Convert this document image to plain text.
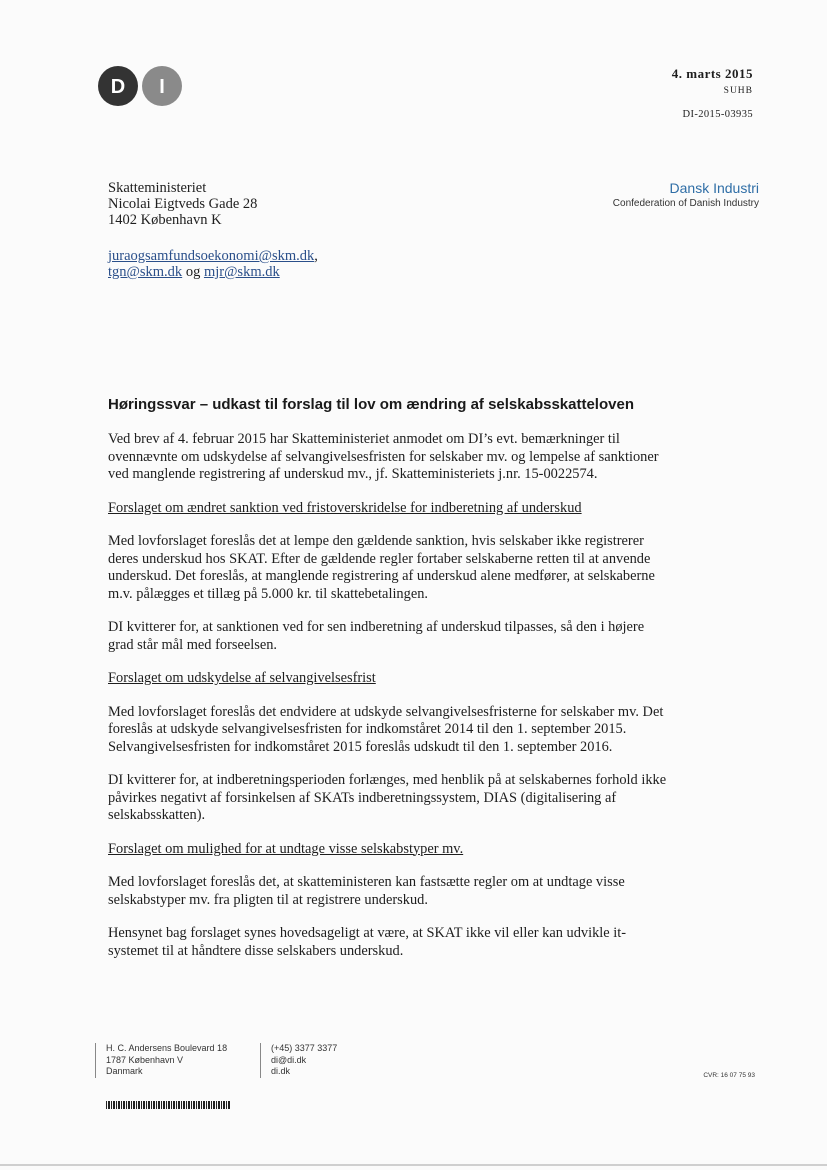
D I
4. marts 2015
SUHB
DI-2015-03935
Skatteministeriet
Nicolai Eigtveds Gade 28
1402 København K
juraogsamfundsoekonomi@skm.dk,
tgn@skm.dk og mjr@skm.dk
Dansk Industri
Confederation of Danish Industry
Høringssvar – udkast til forslag til lov om ændring af selskabsskatteloven

Ved brev af 4. februar 2015 har Skatteministeriet anmodet om DI’s evt. bemærkninger til ovennævnte om udskydelse af selvangivelsesfristen for selskaber mv. og lempelse af sanktioner ved manglende registrering af underskud mv., jf. Skatteministeriets j.nr. 15-0022574.

Forslaget om ændret sanktion ved fristoverskridelse for indberetning af underskud

Med lovforslaget foreslås det at lempe den gældende sanktion, hvis selskaber ikke registrerer deres underskud hos SKAT. Efter de gældende regler fortaber selskaberne retten til at anvende underskud. Det foreslås, at manglende registrering af underskud alene medfører, at selskaberne m.v. pålægges et tillæg på 5.000 kr. til skattebetalingen.

DI kvitterer for, at sanktionen ved for sen indberetning af underskud tilpasses, så den i højere grad står mål med forseelsen.

Forslaget om udskydelse af selvangivelsesfrist

Med lovforslaget foreslås det endvidere at udskyde selvangivelsesfristerne for selskaber mv. Det foreslås at udskyde selvangivelsesfristen for indkomståret 2014 til den 1. september 2015. Selvangivelsesfristen for indkomståret 2015 foreslås udskudt til den 1. september 2016.

DI kvitterer for, at indberetningsperioden forlænges, med henblik på at selskabernes forhold ikke påvirkes negativt af forsinkelsen af SKATs indberetningssystem, DIAS (digitalisering af selskabsskatten).

Forslaget om mulighed for at undtage visse selskabstyper mv.

Med lovforslaget foreslås det, at skatteministeren kan fastsætte regler om at undtage visse selskabstyper mv. fra pligten til at registrere underskud.

Hensynet bag forslaget synes hovedsageligt at være, at SKAT ikke vil eller kan udvikle it-systemet til at håndtere disse selskabers underskud.

H. C. Andersens Boulevard 18
1787 København V
Danmark
(+45) 3377 3377
di@di.dk
di.dk	CVR: 16 07 75 93
